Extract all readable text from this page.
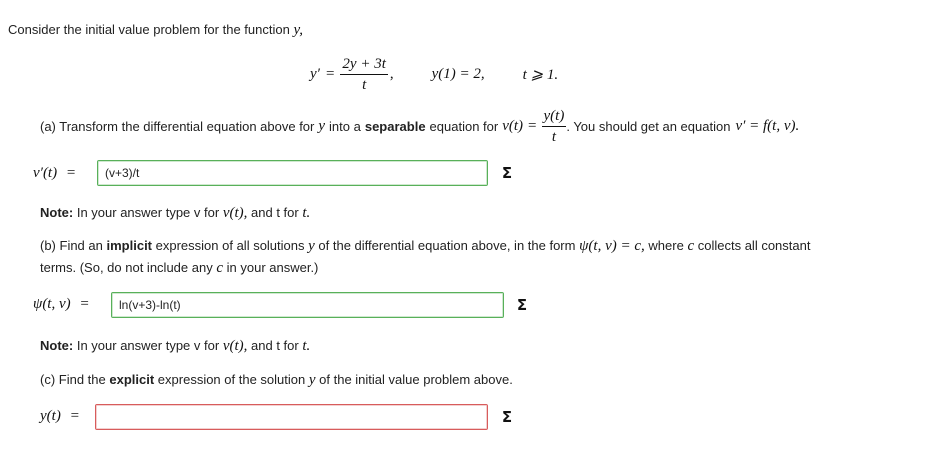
Consider the initial value problem for the function y,
$y' = \frac{2y + 3t}{t}$ ,	y(1) = 2,	t ⩾ 1.
(a) Transform the differential equation above for y into a separable equation for $v(t) = \frac{y(t)}{t}$ . You should get an equation v′ = f(t, v).
v′(t) = (v+3)/t	Σ
Note: In your answer type v for v(t), and t for t.
(b) Find an implicit expression of all solutions y of the differential equation above, in the form ψ(t, v) = c, where c collects all constant
terms. (So, do not include any c in your answer.)
ψ(t, v) =	ln(v+3)-ln(t)	Σ
Note: In your answer type v for v(t), and t for t.
(c) Find the explicit expression of the solution y of the initial value problem above.
y(t) =	Σ
